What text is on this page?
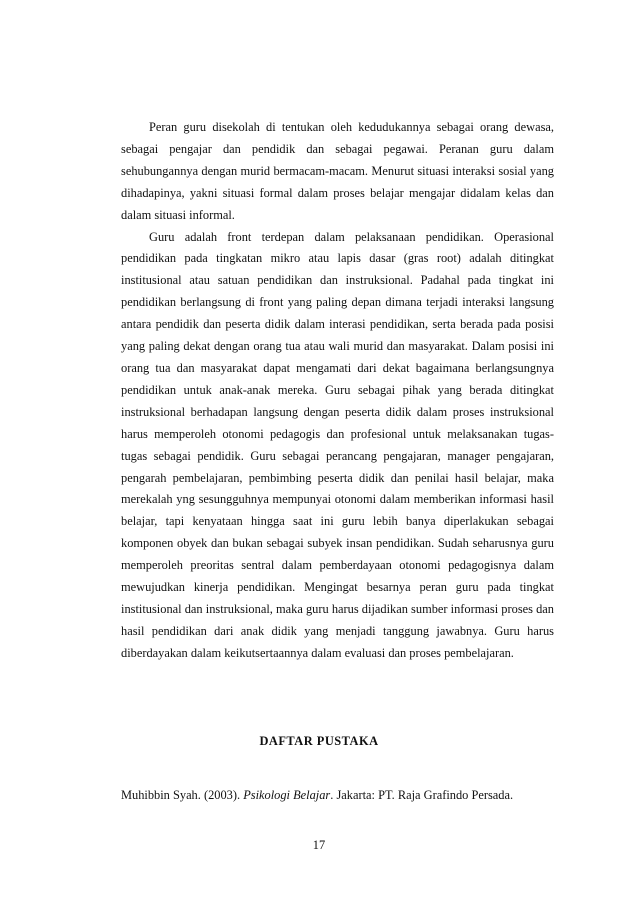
Peran guru disekolah di tentukan oleh kedudukannya sebagai orang dewasa, sebagai pengajar dan pendidik dan sebagai pegawai. Peranan guru dalam sehubungannya dengan murid bermacam-macam. Menurut situasi interaksi sosial yang dihadapinya, yakni situasi formal dalam proses belajar mengajar didalam kelas dan dalam situasi informal.

Guru adalah front terdepan dalam pelaksanaan pendidikan. Operasional pendidikan pada tingkatan mikro atau lapis dasar (gras root) adalah ditingkat institusional atau satuan pendidikan dan instruksional. Padahal pada tingkat ini pendidikan berlangsung di front yang paling depan dimana terjadi interaksi langsung antara pendidik dan peserta didik dalam interasi pendidikan, serta berada pada posisi yang paling dekat dengan orang tua atau wali murid dan masyarakat. Dalam posisi ini orang tua dan masyarakat dapat mengamati dari dekat bagaimana berlangsungnya pendidikan untuk anak-anak mereka. Guru sebagai pihak yang berada ditingkat instruksional berhadapan langsung dengan peserta didik dalam proses instruksional harus memperoleh otonomi pedagogis dan profesional untuk melaksanakan tugas-tugas sebagai pendidik. Guru sebagai perancang pengajaran, manager pengajaran, pengarah pembelajaran, pembimbing peserta didik dan penilai hasil belajar, maka merekalah yng sesungguhnya mempunyai otonomi dalam memberikan informasi hasil belajar, tapi kenyataan hingga saat ini guru lebih banya diperlakukan sebagai komponen obyek dan bukan sebagai subyek insan pendidikan. Sudah seharusnya guru memperoleh preoritas sentral dalam pemberdayaan otonomi pedagogisnya dalam mewujudkan kinerja pendidikan. Mengingat besarnya peran guru pada tingkat institusional dan instruksional, maka guru harus dijadikan sumber informasi proses dan hasil pendidikan dari anak didik yang menjadi tanggung jawabnya. Guru harus diberdayakan dalam keikutsertaannya dalam evaluasi dan proses pembelajaran.

DAFTAR PUSTAKA
Muhibbin Syah. (2003). Psikologi Belajar. Jakarta: PT. Raja Grafindo Persada.
17
